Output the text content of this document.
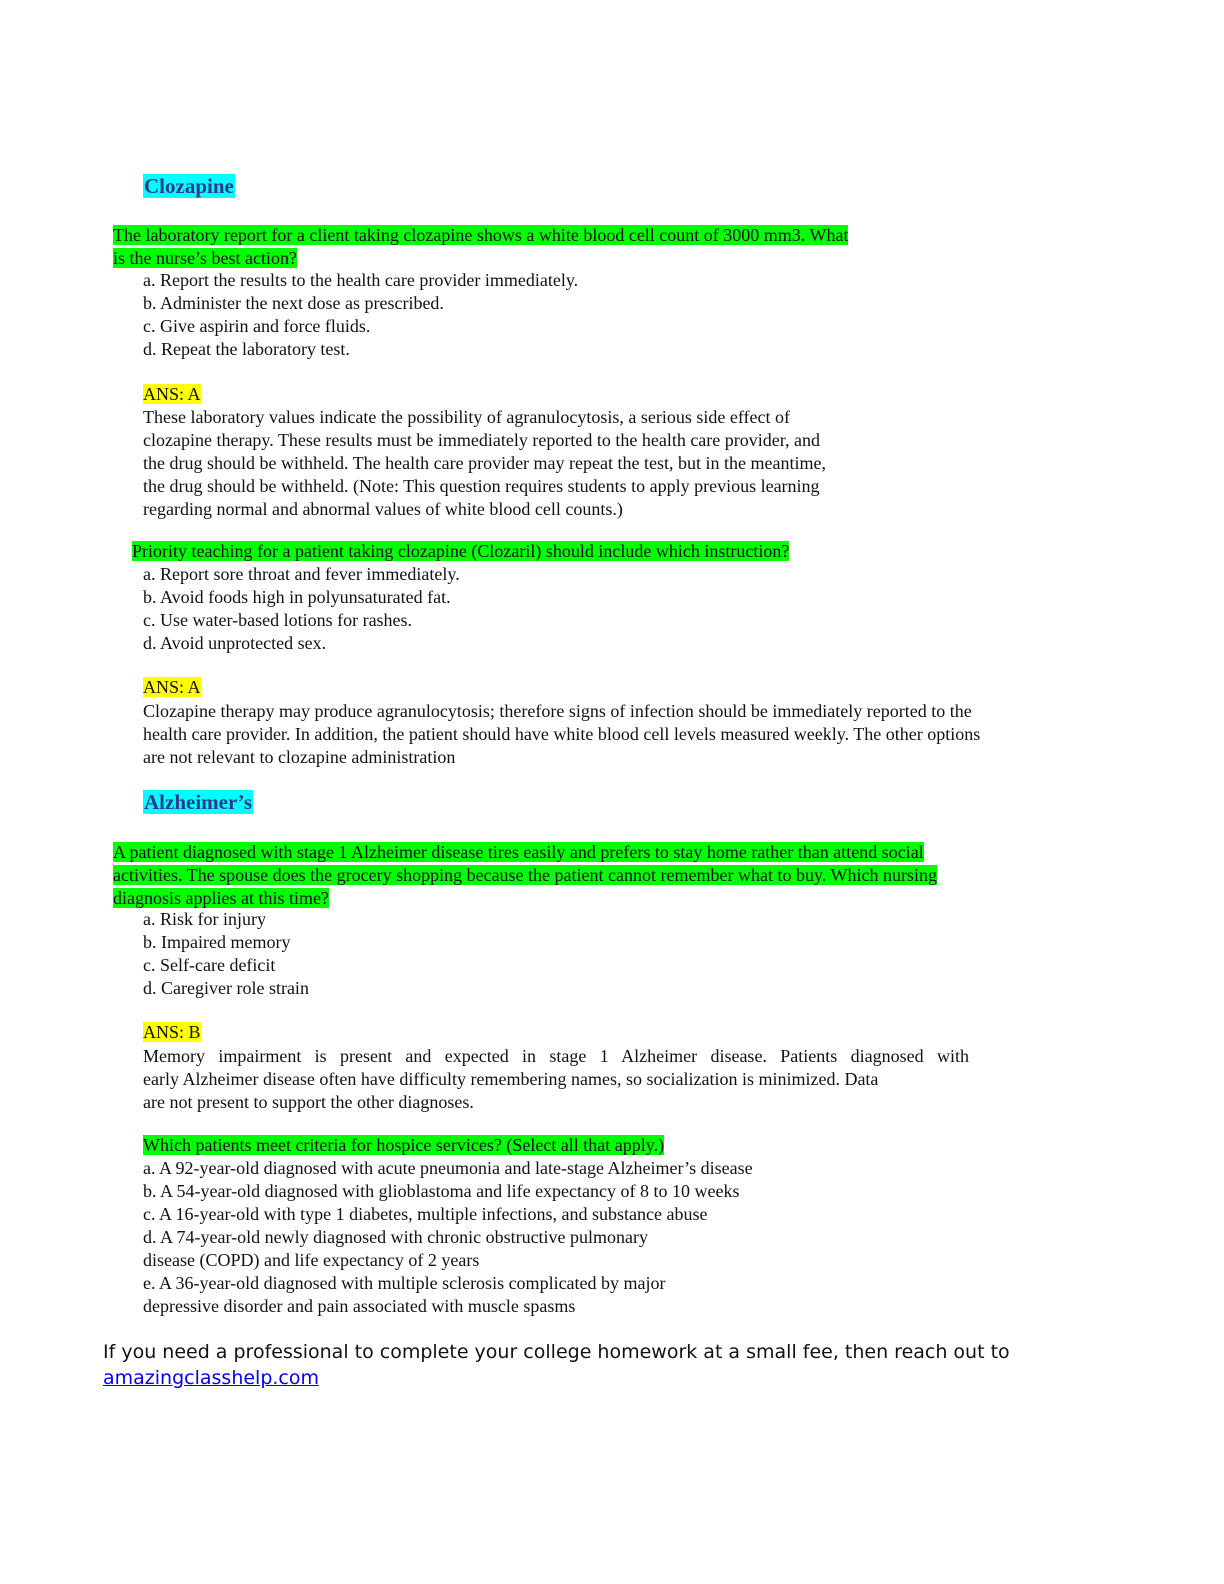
Clozapine
The laboratory report for a client taking clozapine shows a white blood cell count of 3000 mm3. What
is the nurse’s best action?
a. Report the results to the health care provider immediately.
b. Administer the next dose as prescribed.
c. Give aspirin and force fluids.
d. Repeat the laboratory test.
ANS: A
These laboratory values indicate the possibility of agranulocytosis, a serious side effect of
clozapine therapy. These results must be immediately reported to the health care provider, and
the drug should be withheld. The health care provider may repeat the test, but in the meantime,
the drug should be withheld. (Note: This question requires students to apply previous learning
regarding normal and abnormal values of white blood cell counts.)
Priority teaching for a patient taking clozapine (Clozaril) should include which instruction?
a. Report sore throat and fever immediately.
b. Avoid foods high in polyunsaturated fat.
c. Use water-based lotions for rashes.
d. Avoid unprotected sex.
ANS: A
Clozapine therapy may produce agranulocytosis; therefore signs of infection should be immediately reported to the
health care provider. In addition, the patient should have white blood cell levels measured weekly. The other options
are not relevant to clozapine administration
Alzheimer’s
A patient diagnosed with stage 1 Alzheimer disease tires easily and prefers to stay home rather than attend social
activities. The spouse does the grocery shopping because the patient cannot remember what to buy. Which nursing
diagnosis applies at this time?
a. Risk for injury
b. Impaired memory
c. Self-care deficit
d. Caregiver role strain
ANS: B
Memory impairment is present and expected in stage 1 Alzheimer disease. Patients diagnosed with
early Alzheimer disease often have difficulty remembering names, so socialization is minimized. Data
are not present to support the other diagnoses.
Which patients meet criteria for hospice services? (Select all that apply.)
a. A 92-year-old diagnosed with acute pneumonia and late-stage Alzheimer’s disease
b. A 54-year-old diagnosed with glioblastoma and life expectancy of 8 to 10 weeks
c. A 16-year-old with type 1 diabetes, multiple infections, and substance abuse
d. A 74-year-old newly diagnosed with chronic obstructive pulmonary
disease (COPD) and life expectancy of 2 years
e. A 36-year-old diagnosed with multiple sclerosis complicated by major
depressive disorder and pain associated with muscle spasms
If you need a professional to complete your college homework at a small fee, then reach out to
amazingclasshelp.com
